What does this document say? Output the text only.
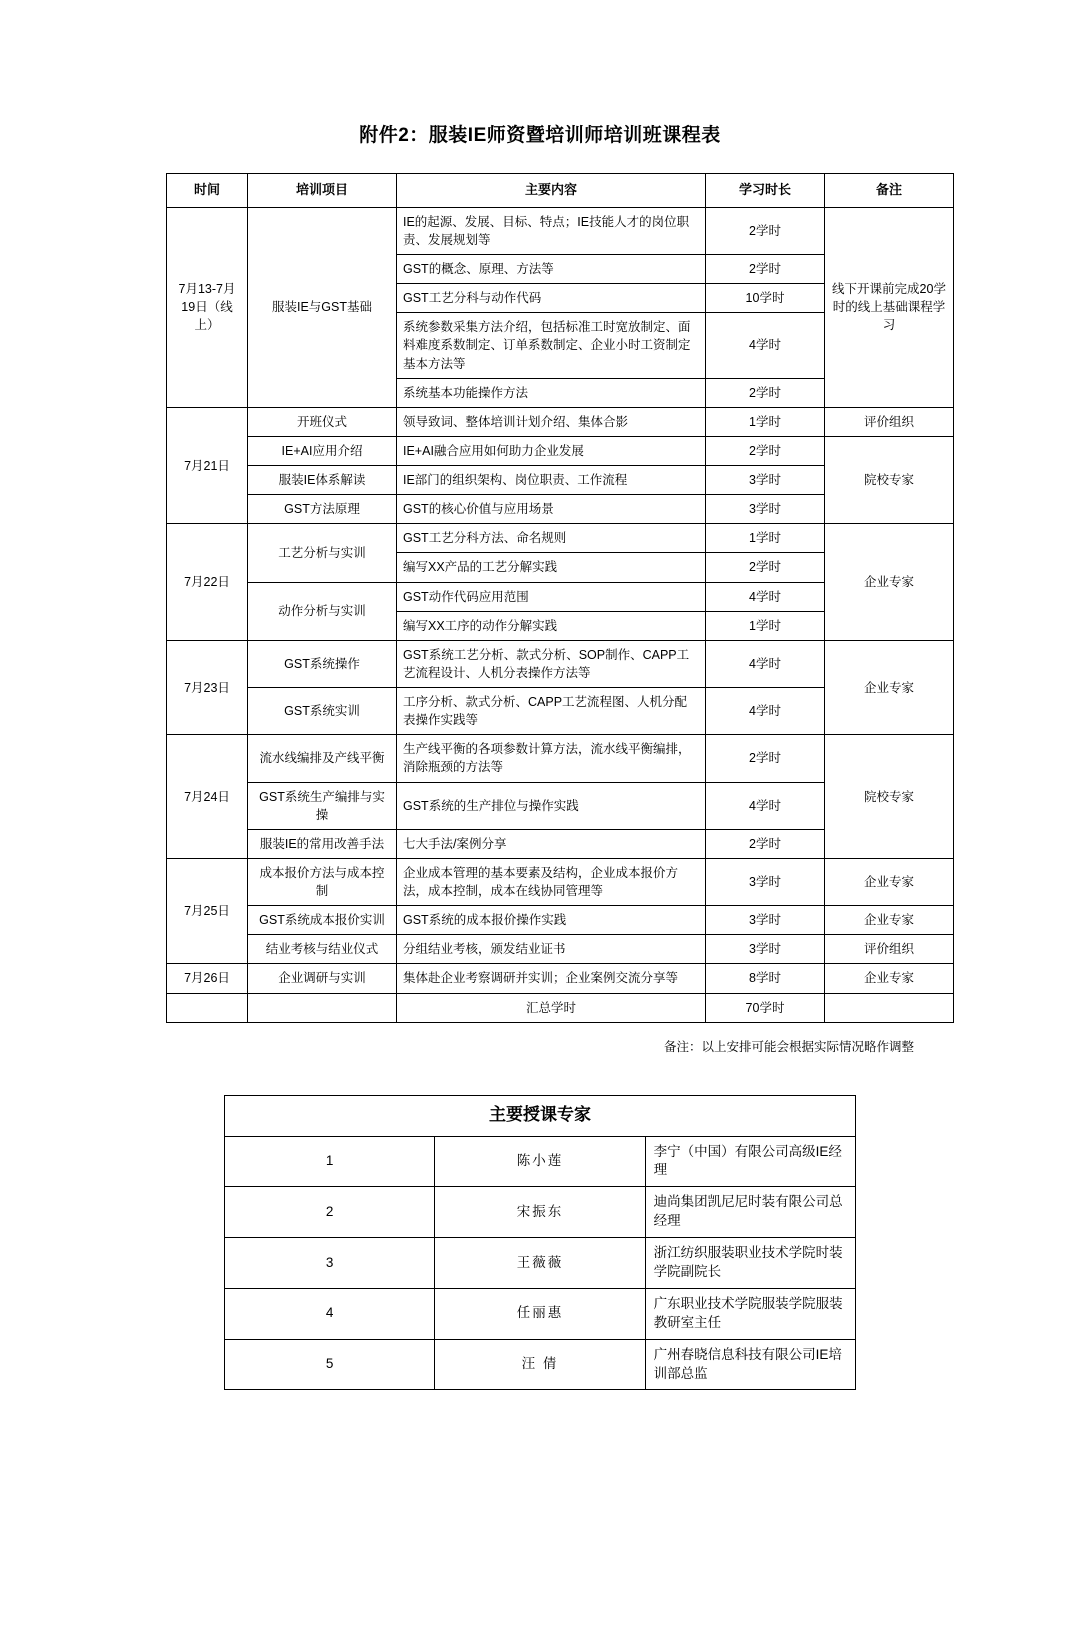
附件2：服装IE师资暨培训师培训班课程表
时间	培训项目	主要内容	学习时长	备注
7月13-7月19日（线上）	服装IE与GST基础	IE的起源、发展、目标、特点；IE技能人才的岗位职责、发展规划等	2学时	线下开课前完成20学时的线上基础课程学习
		GST的概念、原理、方法等	2学时	
		GST工艺分科与动作代码	10学时	
		系统参数采集方法介绍，包括标准工时宽放制定、面料难度系数制定、订单系数制定、企业小时工资制定基本方法等	4学时	
		系统基本功能操作方法	2学时	
7月21日	开班仪式	领导致词、整体培训计划介绍、集体合影	1学时	评价组织
	IE+AI应用介绍	IE+AI融合应用如何助力企业发展	2学时	院校专家
	服装IE体系解读	IE部门的组织架构、岗位职责、工作流程	3学时	
	GST方法原理	GST的核心价值与应用场景	3学时	
7月22日	工艺分析与实训	GST工艺分科方法、命名规则	1学时	企业专家
		编写XX产品的工艺分解实践	2学时	
	动作分析与实训	GST动作代码应用范围	4学时	
		编写XX工序的动作分解实践	1学时	
7月23日	GST系统操作	GST系统工艺分析、款式分析、SOP制作、CAPP工艺流程设计、人机分表操作方法等	4学时	企业专家
	GST系统实训	工序分析、款式分析、CAPP工艺流程图、人机分配表操作实践等	4学时	
7月24日	流水线编排及产线平衡	生产线平衡的各项参数计算方法，流水线平衡编排，消除瓶颈的方法等	2学时	院校专家
	GST系统生产编排与实操	GST系统的生产排位与操作实践	4学时	
	服装IE的常用改善手法	七大手法/案例分享	2学时	
7月25日	成本报价方法与成本控制	企业成本管理的基本要素及结构，企业成本报价方法，成本控制，成本在线协同管理等	3学时	企业专家
	GST系统成本报价实训	GST系统的成本报价操作实践	3学时	企业专家
	结业考核与结业仪式	分组结业考核，颁发结业证书	3学时	评价组织
7月26日	企业调研与实训	集体赴企业考察调研并实训；企业案例交流分享等	8学时	企业专家
		汇总学时	70学时	
备注：以上安排可能会根据实际情况略作调整
主要授课专家		
1	陈小莲	李宁（中国）有限公司高级IE经理
2	宋振东	迪尚集团凯尼尼时装有限公司总经理
3	王薇薇	浙江纺织服装职业技术学院时装学院副院长
4	任丽惠	广东职业技术学院服装学院服装教研室主任
5	汪 倩	广州春晓信息科技有限公司IE培训部总监
